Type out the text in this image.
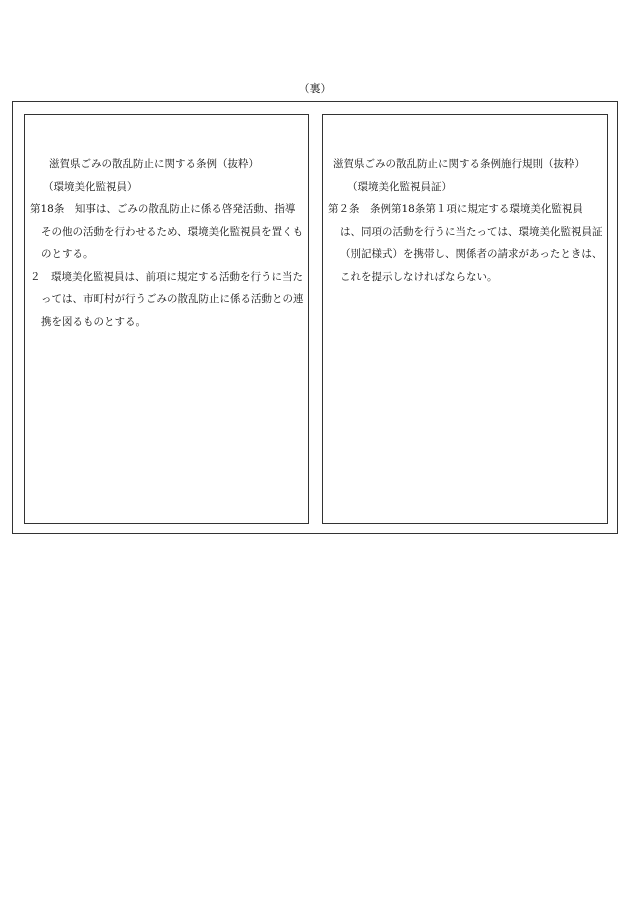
（裏）
滋賀県ごみの散乱防止に関する条例（抜粋）
（環境美化監視員）
第18条　知事は、ごみの散乱防止に係る啓発活動、指導その他の活動を行わせるため、環境美化監視員を置くものとする。
２　環境美化監視員は、前項に規定する活動を行うに当たっては、市町村が行うごみの散乱防止に係る活動との連携を図るものとする。
滋賀県ごみの散乱防止に関する条例施行規則（抜粋）
（環境美化監視員証）
第２条　条例第18条第１項に規定する環境美化監視員は、同項の活動を行うに当たっては、環境美化監視員証（別記様式）を携帯し、関係者の請求があったときは、これを提示しなければならない。
